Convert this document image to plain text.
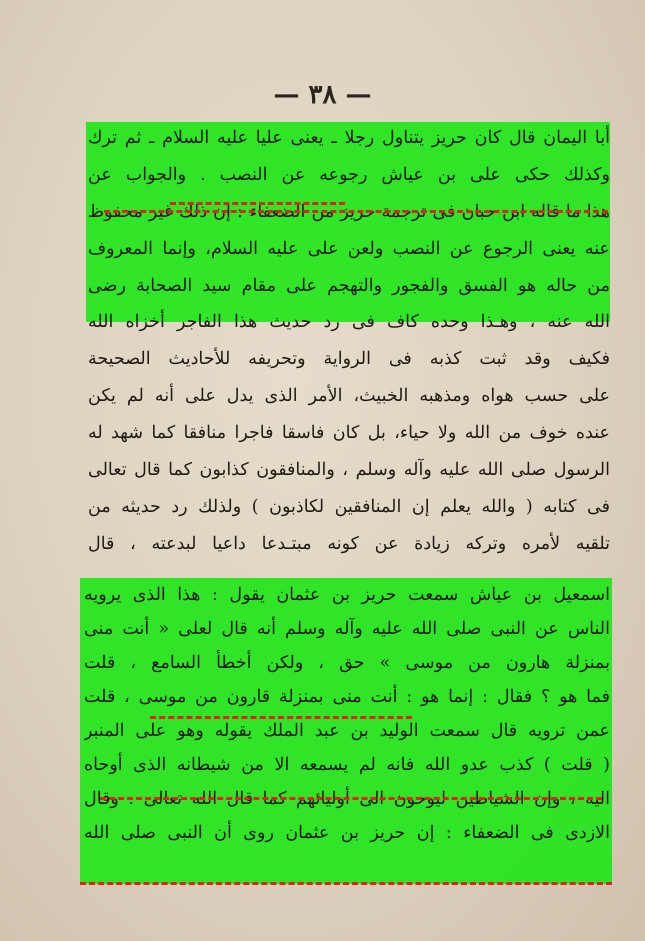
— ٣٨ —
أبا اليمان قال كان حريز يتناول رجلا ـ يعنى عليا عليه السلام ـ ثم ترك
وكذلك حكى على بن عياش رجوعه عن النصب . والجواب عن
هذا ما قاله ابن حبان فى ترجمة حريز من الضعفاء : إن ذلك غير محفوظ
عنه يعنى الرجوع عن النصب ولعن على عليه السلام، وإنما المعروف
من حاله هو الفسق والفجور والتهجم على مقام سيد الصحابة رضى
الله عنه ، وهـذا وحده كاف فى رد حديث هذا الفاجر أخزاه الله
فكيف وقد ثبت كذبه فى الرواية وتحريفه للأحاديث الصحيحة
على حسب هواه ومذهبه الخبيث، الأمر الذى يدل على أنه لم يكن
عنده خوف من الله ولا حياء، بل كان فاسقا فاجرا منافقا كما شهد له
الرسول صلى الله عليه وآله وسلم ، والمنافقون كذابون كما قال تعالى
فى كتابه ( والله يعلم إن المنافقين لكاذبون ) ولذلك رد حديثه من
تلقيه لأمره وتركه زيادة عن كونه مبتـدعا داعيا لبدعته ، قال
اسمعيل بن عياش سمعت حريز بن عثمان يقول : هذا الذى يرويه
الناس عن النبى صلى الله عليه وآله وسلم أنه قال لعلى « أنت منى
بمنزلة هارون من موسى » حق ، ولكن أخطأ السامع ، قلت
فما هو ؟ فقال : إنما هو : أنت منى بمنزلة قارون من موسى ، قلت
عمن ترويه قال سمعت الوليد بن عبد الملك يقوله وهو على المنبر
( قلت ) كذب عدو الله فانه لم يسمعه الا من شيطانه الذى أوحاه
اليه ، وإن الشياطين ليوحون الى أوليائهم كما قال الله تعالى . وقال
الازدى فى الضعفاء : إن حريز بن عثمان روى أن النبى صلى الله
